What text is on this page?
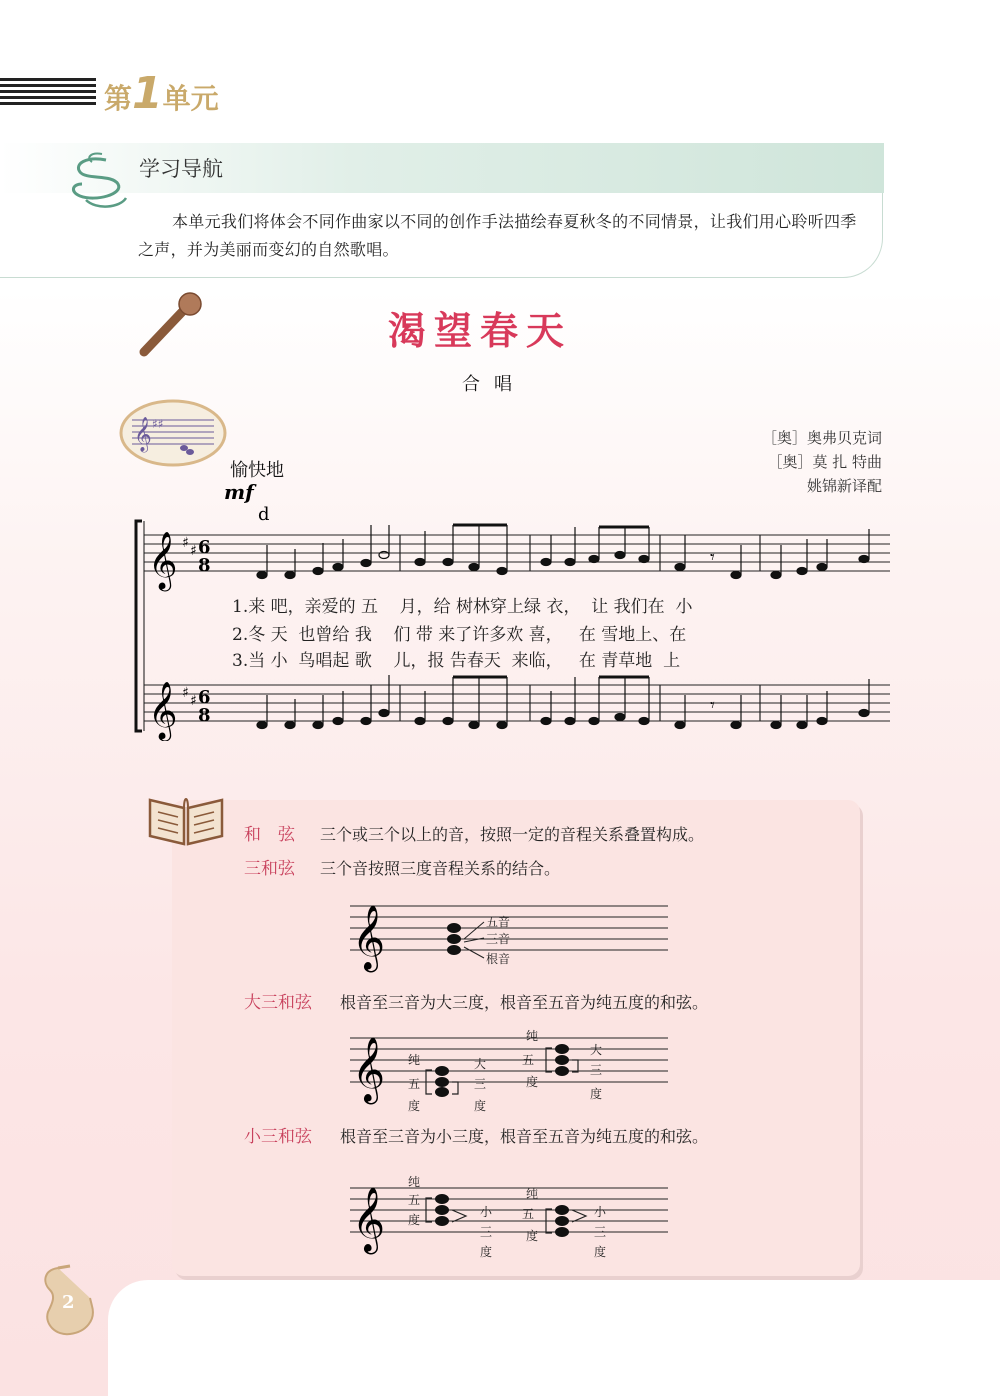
第1单元
学习导航
本单元我们将体会不同作曲家以不同的创作手法描绘春夏秋冬的不同情景，让我们用心聆听四季之声，并为美丽而变幻的自然歌唱。
渴望春天
合唱
𝄞 ♯♯
［奥］奥弗贝克词
［奥］莫 扎 特曲
姚锦新译配
愉快地
mf
d
𝄞
𝄞
♯ ♯
♯ ♯
6
8
6
8
𝄾
𝄾
1.来 吧，亲爱的 五    月，给 树林穿上绿 衣，  让 我们在  小
2.冬 天  也曾给 我    们 带 来了许多欢 喜，   在 雪地上、在
3.当 小  鸟唱起 歌    儿，报 告春天  来临，   在 青草地  上
和　弦 三个或三个以上的音，按照一定的音程关系叠置构成。
三和弦 三个音按照三度音程关系的结合。
𝄞	五音
三音
根音
大三和弦 根音至三音为大三度，根音至五音为纯五度的和弦。
𝄞 纯
五
度
大
三
度
纯
五
度
大
三
度
小三和弦 根音至三音为小三度，根音至五音为纯五度的和弦。
𝄞
纯
五
度
小
三
度
纯
五
度
小
三
度
2
